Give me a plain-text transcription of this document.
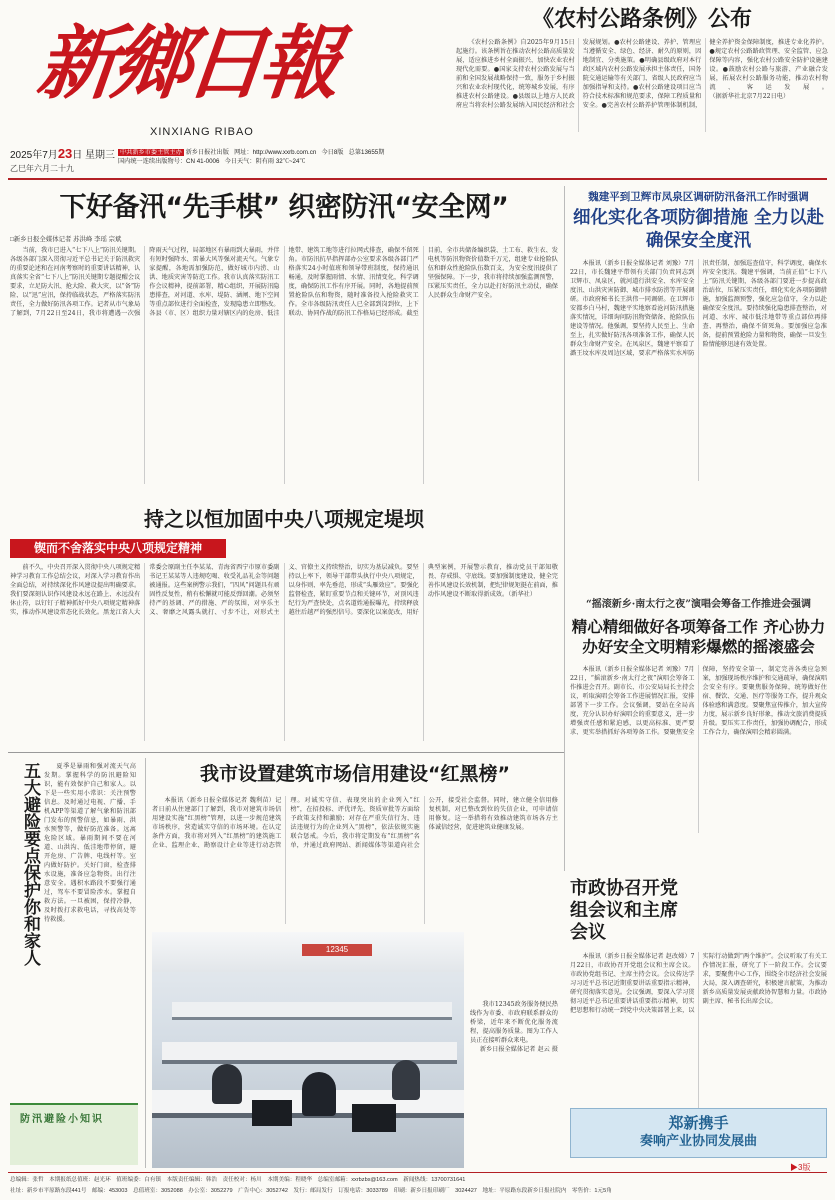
新鄉日報
XINXIANG RIBAO
2025年7月23日 星期三
乙巳年六月二十九
中共新乡市委主管主办 新乡日报社出版 网址：http://www.xxrb.com.cn 今日8版 总第13655期
国内统一连续出版物号：CN 41-0006 今日天气：阴有雨 32℃~24℃
《农村公路条例》公布

《农村公路条例》自2025年9月15日起施行。该条例旨在推动农村公路高质量发展，适应推进乡村全面振兴、加快农业农村现代化需要。●国家支持农村公路发展与当前和全国发展战略保持一致，服务于乡村振兴和农业农村现代化，统筹城乡发展，有序推进农村公路建设。●县级以上地方人民政府应当将农村公路发展纳入国民经济和社会发展规划。●农村公路建设、养护、管理应当遵循安全、绿色、经济、耐久的原则，因地制宜、分类施策。●明确县级政府对本行政区域内农村公路发展承担主体责任，国务院交通运输等有关部门、省级人民政府应当加强指导和支持。●农村公路建设项目应当符合技术标准和规范要求，保障工程质量和安全。●完善农村公路养护管理体制机制，健全养护资金保障制度，推进专业化养护。●规定农村公路路政管理、安全监管、应急保障等内容，强化农村公路安全防护设施建设。●鼓励农村公路与旅游、产业融合发展，拓展农村公路服务功能，推动农村物流、客运发展。（据新华社北京7月22日电）

下好备汛“先手棋” 织密防汛“安全网”
□新乡日报全媒体记者 苏洪峰 李瑶 宗斌

当前，我市已进入“七下八上”防汛关键期。各级各部门深入贯彻习近平总书记关于防汛救灾的重要论述和在河南考察时的重要讲话精神，认真落实全省“七下八上”防汛关键期专题提醒会议要求，立足防大汛、抢大险、救大灾，以“备”防险、以“迅”应汛，保持临战状态，严格落实防汛责任，全力做好防汛各项工作。记者从市气象局了解到，7月22日至24日，我市将遭遇一次强降雨天气过程，局部地区有暴雨到大暴雨，并伴有短时强降水、雷暴大风等强对流天气。气象专家提醒，各地需加强防范，做好城市内涝、山洪、地质灾害等防范工作。我市认真落实防汛工作会议精神，提前部署，精心组织，开展防汛隐患排查，对河道、水库、堤防、涵闸、地下空间等重点部位进行全面检查，发现隐患立即整改。各县（市、区）组织力量对辖区内的危房、低洼地带、建筑工地等进行拉网式排查，确保不留死角。市防汛抗旱指挥部办公室要求各级各部门严格落实24小时值班和领导带班制度，保持通讯畅通，及时掌握雨情、水情、汛情变化，科学调度，确保防汛工作有序开展。同时，各地提前预置抢险队伍和物资，随时准备投入抢险救灾工作。全市各级防汛责任人已全部到岗到位，上下联动、协同作战的防汛工作格局已经形成。截至目前，全市共储备编织袋、土工布、救生衣、发电机等防汛物资价值数千万元，组建专业抢险队伍和群众性抢险队伍数百支，为安全度汛提供了坚强保障。下一步，我市将持续加强监测预警，压紧压实责任，全力以赴打好防汛主动仗，确保人民群众生命财产安全。

魏建平到卫辉市凤泉区调研防汛备汛工作时强调
细化实化各项防御措施 全力以赴确保安全度汛

本报讯（新乡日报全媒体记者 刘豫）7月22日，市长魏建平带领有关部门负责同志到卫辉市、凤泉区，就河道行洪安全、水库安全度汛、山洪灾害防御、城市排水防涝等开展调研。市政府秘书长王洪伟一同调研。在卫辉市安都乡白马村，魏建平实地察看沧河防汛措施落实情况，详细询问防汛物资储备、抢险队伍建设等情况。他强调，要坚持人民至上、生命至上，扎实做好防汛各项准备工作，确保人民群众生命财产安全。在凤泉区，魏建平察看了潞王坟水库及周边区域，要求严格落实水库防汛责任制，加强巡查值守，科学调度，确保水库安全度汛。魏建平强调，当前正值“七下八上”防汛关键期，各级各部门要进一步提高政治站位，压紧压实责任，细化实化各项防御措施，加强监测预警，强化应急值守，全力以赴确保安全度汛。要持续强化隐患排查整治，对河道、水库、城市低洼地带等重点部位再排查、再整治，确保不留死角。要加强应急准备，提前预置抢险力量和物资，确保一旦发生险情能够迅速有效处置。

持之以恒加固中央八项规定堤坝
锲而不舍落实中央八项规定精神

前不久，中央召开深入贯彻中央八项规定精神学习教育工作总结会议，对深入学习教育作出全面总结，对持续深化作风建设提出明确要求。我们要深刻认识作风建设永远在路上、永远没有休止符，以钉钉子精神抓好中央八项规定精神落实，推动作风建设常态化长效化。黑龙江省人大常委会原副主任李某某、青海省西宁市原市委副书记王某某等人违规吃喝、收受礼品礼金等问题被通报。这些案例警示我们，“四风”问题具有顽固性反复性，稍有松懈就可能反弹回潮。必须坚持严的基调、严的措施、严的氛围，对享乐主义、奢靡之风露头就打、寸步不让，对形式主义、官僚主义持续整治，切实为基层减负。要坚持以上率下，领导干部带头执行中央八项规定，以身作则、率先垂范，形成“头雁效应”。要强化监督检查，紧盯重要节点和关键环节，对顶风违纪行为严查快处，点名道姓通报曝光，持续释放越往后越严的强烈信号。要深化以案促改，用好典型案例，开展警示教育，推动党员干部知敬畏、存戒惧、守底线。要加强制度建设，健全完善作风建设长效机制，把纪律规矩挺在前面，推动作风建设不断取得新成效。（新华社）

“摇滚新乡·南太行之夜”演唱会筹备工作推进会强调
精心精细做好各项筹备工作 齐心协力办好安全文明精彩爆燃的摇滚盛会

本报讯（新乡日报全媒体记者 刘豫）7月22日，“摇滚新乡·南太行之夜”演唱会筹备工作推进会召开。副市长、市公安局局长主持会议，听取演唱会筹备工作进展情况汇报，安排部署下一步工作。会议强调，要站在全局高度，充分认识办好演唱会的重要意义，进一步增强责任感和紧迫感，以更高标准、更严要求、更实举措抓好各项筹备工作。要聚焦安全保障，坚持安全第一，制定完善各类应急预案，加强现场秩序维护和交通疏导，确保演唱会安全有序。要聚焦服务保障，统筹做好住宿、餐饮、交通、医疗等服务工作，提升观众体验感和满意度。要聚焦宣传推介，加大宣传力度，展示新乡良好形象，推动文旅消费提质升级。要压实工作责任，加强协调配合，形成工作合力，确保演唱会精彩圆满。

五大避险要点保护你和家人	夏季是暴雨和强对流天气高发期。掌握科学的防汛避险知识，能有效保护自己和家人。以下是一些实用小常识：关注预警信息。及时通过电视、广播、手机APP等渠道了解气象和防汛部门发布的预警信息，如暴雨、洪水预警等，做好防范准备。远离危险区域。暴雨期间不要在河道、山洪沟、低洼地带停留，避开危房、广告牌、电线杆等。室内做好防护。关好门窗，检查排水设施，准备应急物资。出行注意安全。遇积水路段不要强行通过，驾车不要冒险涉水。掌握自救方法。一旦被困，保持冷静，及时拨打求救电话，寻找高处等待救援。

防汛避险小知识
我市设置建筑市场信用建设“红黑榜”

本报讯（新乡日报全媒体记者 魏利苗）记者日前从住建部门了解到，我市对建筑市场信用建设实施“红黑榜”管理，以进一步规范建筑市场秩序，营造诚实守信的市场环境。在认定条件方面，我市将对列入“红黑榜”的建筑施工企业、监理企业、勘察设计企业等进行动态管理。对诚实守信、表现突出的企业列入“红榜”，在招投标、评优评先、资质审批等方面给予政策支持和激励；对存在严重失信行为、违法违规行为的企业列入“黑榜”，依法依规实施联合惩戒。今后，我市将定期发布“红黑榜”名单，并通过政府网站、新闻媒体等渠道向社会公开，接受社会监督。同时，建立健全信用修复机制，对已整改到位的失信企业，可申请信用修复。这一举措将有效推动建筑市场各方主体诚信经营，促进建筑业健康发展。

12345

我市12345政务服务便民热线作为市委、市政府联系群众的桥梁，近年来不断优化服务流程，提高服务质量。图为工作人员正在接听群众来电。

新乡日报全媒体记者 赵云 摄

市政协召开党组会议和主席会议

本报讯（新乡日报全媒体记者 赵改娣）7月22日，市政协召开党组会议和主席会议。市政协党组书记、主席主持会议。会议传达学习习近平总书记近期重要讲话重要指示精神，研究贯彻落实意见。会议强调，要深入学习贯彻习近平总书记重要讲话重要指示精神，切实把思想和行动统一到党中央决策部署上来，以实际行动做到“两个维护”。会议听取了有关工作情况汇报，研究了下一阶段工作。会议要求，要聚焦中心工作，围绕全市经济社会发展大局，深入调查研究，积极建言献策，为推动新乡高质量发展贡献政协智慧和力量。市政协副主席、秘书长出席会议。

郑新携手
奏响产业协同发展曲
▶3版
总编辑：张哲　本期报纸总值班：赵光环　值班编委：白有镇　本版责任编辑：韩浩　责任校对：杨川　本期美编：程晓华　总编室邮箱：xxrbzbs@163.com　新闻热线：13700731641
社址：新乡市平原路东段441号　邮编：453003　总值班室：3052088　办公室：3052279　广告中心：3052742　发行：邮局发行　订报电话：3033789　印刷：新乡日报印刷厂　3024427　地址：平原路东段新乡日报社院内　零售价：1元5角
